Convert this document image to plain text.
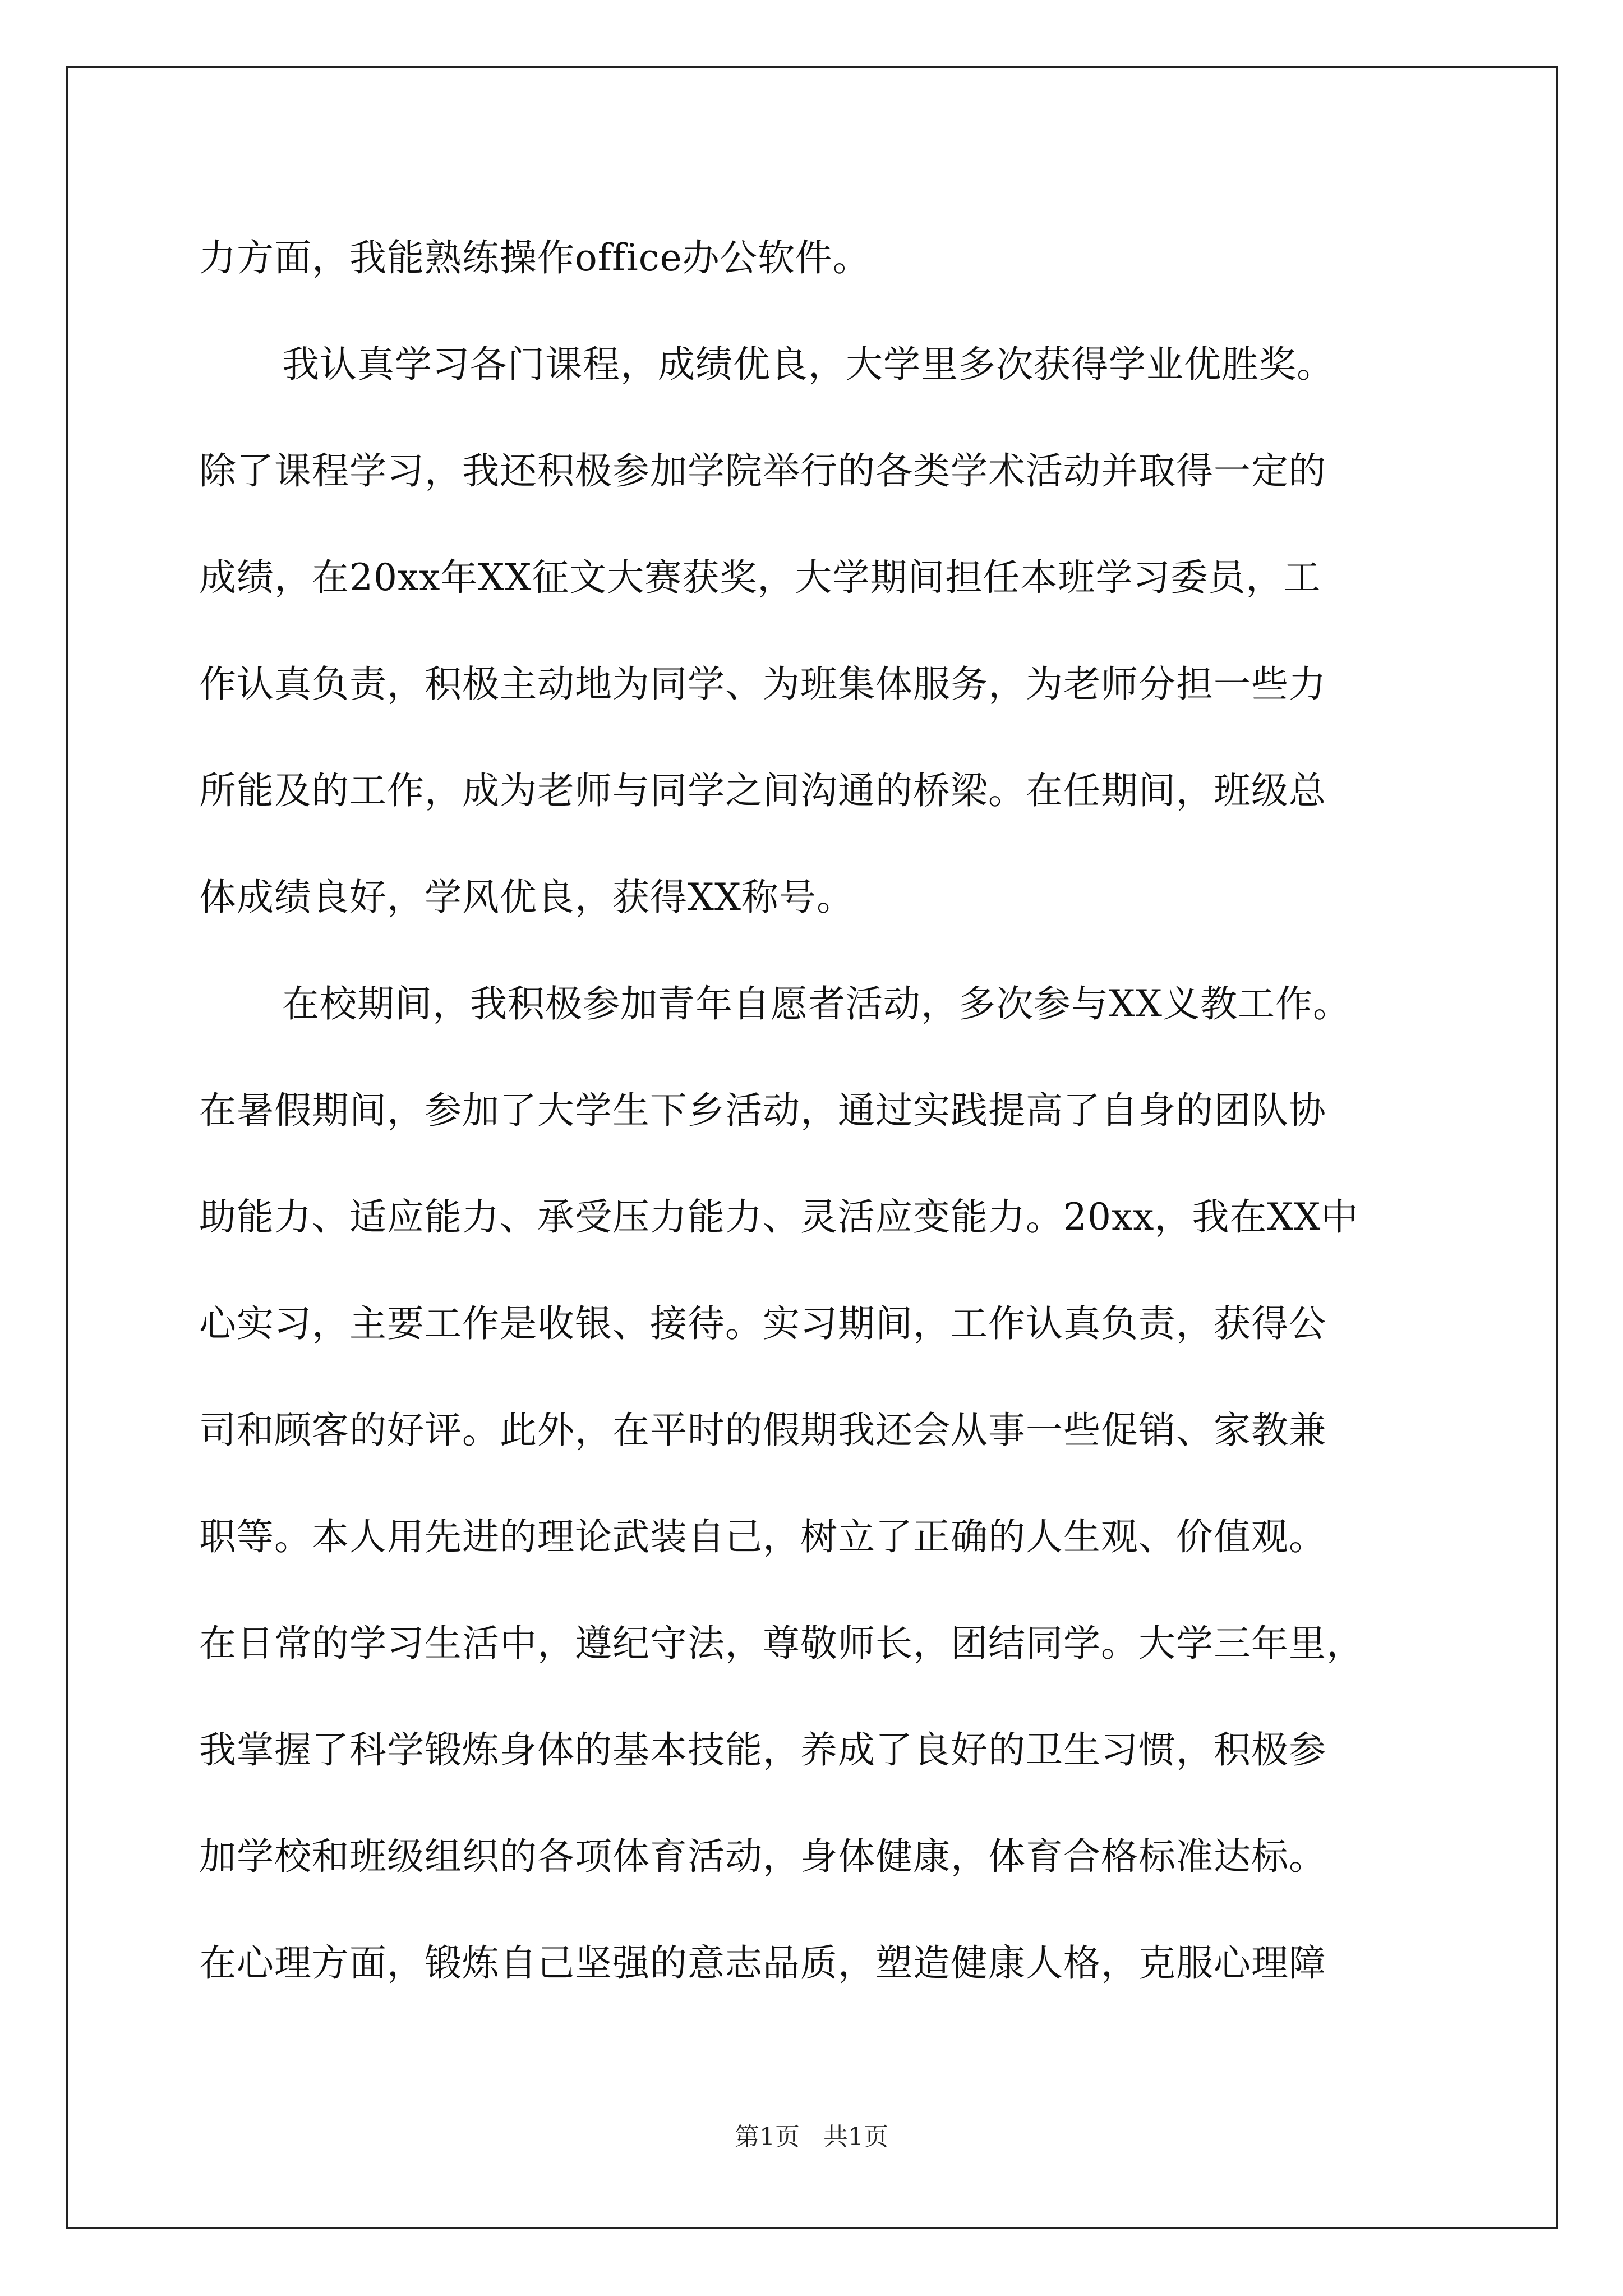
力方面，我能熟练操作office办公软件。
我认真学习各门课程，成绩优良，大学里多次获得学业优胜奖。
除了课程学习，我还积极参加学院举行的各类学术活动并取得一定的
成绩，在20xx年XX征文大赛获奖，大学期间担任本班学习委员，工
作认真负责，积极主动地为同学、为班集体服务，为老师分担一些力
所能及的工作，成为老师与同学之间沟通的桥梁。在任期间，班级总
体成绩良好，学风优良，获得XX称号。
在校期间，我积极参加青年自愿者活动，多次参与XX义教工作。
在暑假期间，参加了大学生下乡活动，通过实践提高了自身的团队协
助能力、适应能力、承受压力能力、灵活应变能力。20xx，我在XX中
心实习，主要工作是收银、接待。实习期间，工作认真负责，获得公
司和顾客的好评。此外，在平时的假期我还会从事一些促销、家教兼
职等。本人用先进的理论武装自己，树立了正确的人生观、价值观。
在日常的学习生活中，遵纪守法，尊敬师长，团结同学。大学三年里，
我掌握了科学锻炼身体的基本技能，养成了良好的卫生习惯，积极参
加学校和班级组织的各项体育活动，身体健康，体育合格标准达标。
在心理方面，锻炼自己坚强的意志品质，塑造健康人格，克服心理障
第1页 共1页
